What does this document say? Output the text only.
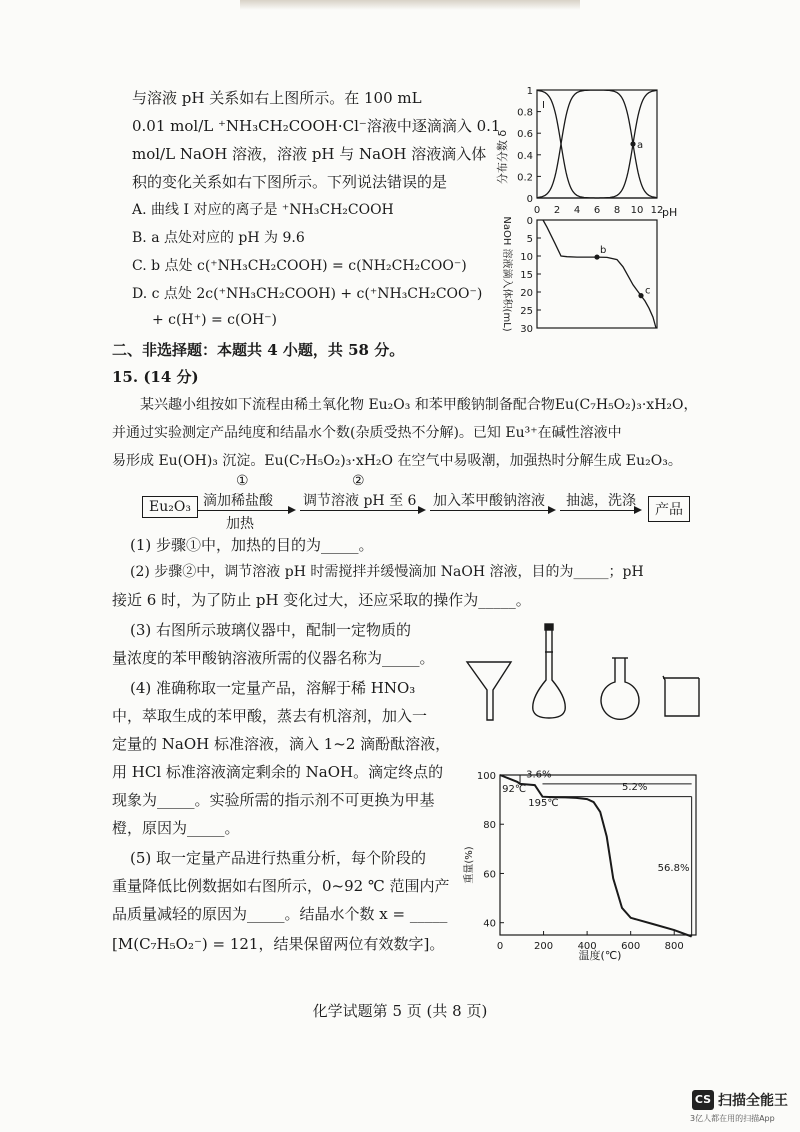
与溶液 pH 关系如右上图所示。在 100 mL
0.01 mol/L ⁺NH₃CH₂COOH·Cl⁻溶液中逐滴滴入 0.1
mol/L NaOH 溶液，溶液 pH 与 NaOH 溶液滴入体
积的变化关系如右下图所示。下列说法错误的是
A. 曲线 Ⅰ 对应的离子是 ⁺NH₃CH₂COOH
B. a 点处对应的 pH 为 9.6
C. b 点处 c(⁺NH₃CH₂COOH) = c(NH₂CH₂COO⁻)
D. c 点处 2c(⁺NH₃CH₂COOH) + c(⁺NH₃CH₂COO⁻)
+ c(H⁺) = c(OH⁻)
分布分数 δ
0
0.2
0.4
0.6
0.8
1
0 2 4 6 8 10 12
Ⅰ
a
pH
NaOH 溶液滴入体积(mL) 0
5
10
15
20
25
30
b
c
二、非选择题：本题共 4 小题，共 58 分。
15. (14 分)
某兴趣小组按如下流程由稀土氧化物 Eu₂O₃ 和苯甲酸钠制备配合物Eu(C₇H₅O₂)₃·xH₂O，
并通过实验测定产品纯度和结晶水个数(杂质受热不分解)。已知 Eu³⁺在碱性溶液中
易形成 Eu(OH)₃ 沉淀。Eu(C₇H₅O₂)₃·xH₂O 在空气中易吸潮，加强热时分解生成 Eu₂O₃。
Eu₂O₃
①
滴加稀盐酸
加热
②
调节溶液 pH 至 6 加入苯甲酸钠溶液 抽滤，洗涤
产品
(1) 步骤①中，加热的目的为_____。
(2) 步骤②中，调节溶液 pH 时需搅拌并缓慢滴加 NaOH 溶液，目的为_____；pH
接近 6 时，为了防止 pH 变化过大，还应采取的操作为_____。
(3) 右图所示玻璃仪器中，配制一定物质的
量浓度的苯甲酸钠溶液所需的仪器名称为_____。
(4) 准确称取一定量产品，溶解于稀 HNO₃
中，萃取生成的苯甲酸，蒸去有机溶剂，加入一
定量的 NaOH 标准溶液，滴入 1~2 滴酚酞溶液，
用 HCl 标准溶液滴定剩余的 NaOH。滴定终点的
现象为_____。实验所需的指示剂不可更换为甲基
橙，原因为_____。
(5) 取一定量产品进行热重分析，每个阶段的
重量降低比例数据如右图所示，0~92 ℃ 范围内产
品质量减轻的原因为_____。结晶水个数 x = _____
[M(C₇H₅O₂⁻) = 121，结果保留两位有效数字]。
重量(%)
40
60
80
100
0	200 400 600 800
3.6%
5.2%
56.8%
92℃
195℃
温度(℃)
化学试题第 5 页 (共 8 页)
CS 扫描全能王
3亿人都在用的扫描App
